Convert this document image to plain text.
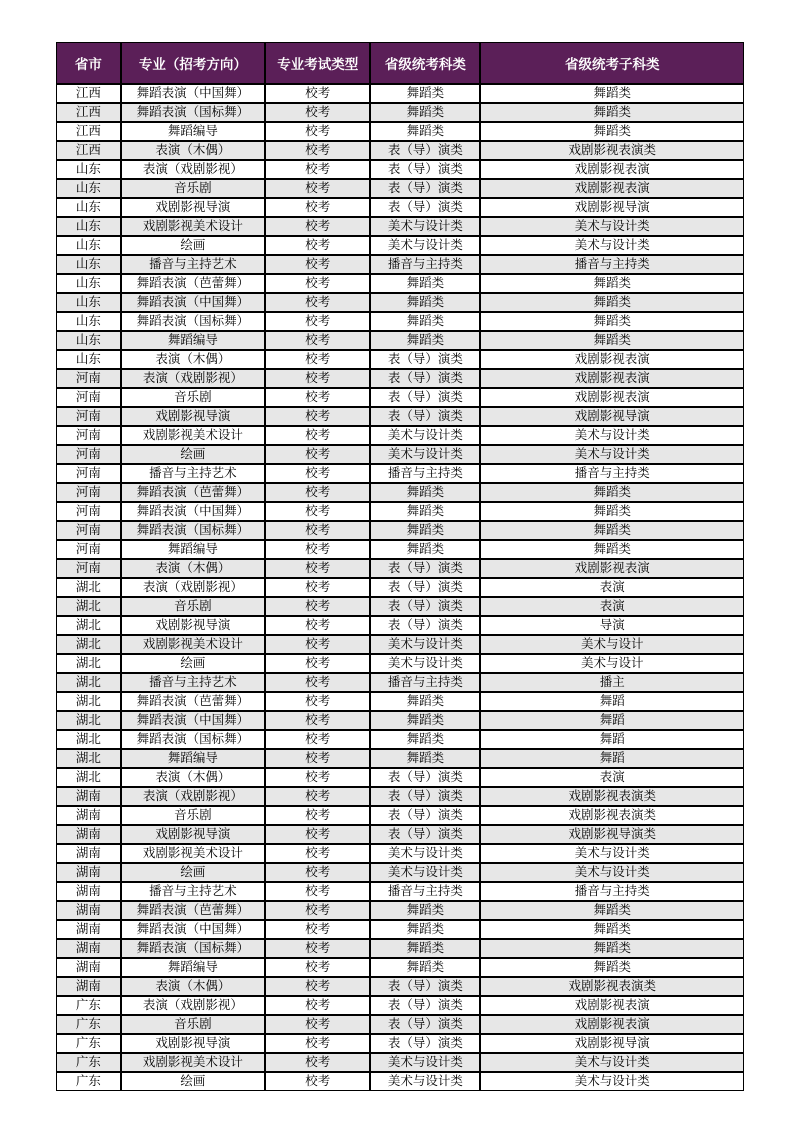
省市	专业（招考方向）	专业考试类型	省级统考科类	省级统考子科类
江西	舞蹈表演（中国舞）	校考	舞蹈类	舞蹈类
江西	舞蹈表演（国标舞）	校考	舞蹈类	舞蹈类
江西	舞蹈编导	校考	舞蹈类	舞蹈类
江西	表演（木偶）	校考	表（导）演类	戏剧影视表演类
山东	表演（戏剧影视）	校考	表（导）演类	戏剧影视表演
山东	音乐剧	校考	表（导）演类	戏剧影视表演
山东	戏剧影视导演	校考	表（导）演类	戏剧影视导演
山东	戏剧影视美术设计	校考	美术与设计类	美术与设计类
山东	绘画	校考	美术与设计类	美术与设计类
山东	播音与主持艺术	校考	播音与主持类	播音与主持类
山东	舞蹈表演（芭蕾舞）	校考	舞蹈类	舞蹈类
山东	舞蹈表演（中国舞）	校考	舞蹈类	舞蹈类
山东	舞蹈表演（国标舞）	校考	舞蹈类	舞蹈类
山东	舞蹈编导	校考	舞蹈类	舞蹈类
山东	表演（木偶）	校考	表（导）演类	戏剧影视表演
河南	表演（戏剧影视）	校考	表（导）演类	戏剧影视表演
河南	音乐剧	校考	表（导）演类	戏剧影视表演
河南	戏剧影视导演	校考	表（导）演类	戏剧影视导演
河南	戏剧影视美术设计	校考	美术与设计类	美术与设计类
河南	绘画	校考	美术与设计类	美术与设计类
河南	播音与主持艺术	校考	播音与主持类	播音与主持类
河南	舞蹈表演（芭蕾舞）	校考	舞蹈类	舞蹈类
河南	舞蹈表演（中国舞）	校考	舞蹈类	舞蹈类
河南	舞蹈表演（国标舞）	校考	舞蹈类	舞蹈类
河南	舞蹈编导	校考	舞蹈类	舞蹈类
河南	表演（木偶）	校考	表（导）演类	戏剧影视表演
湖北	表演（戏剧影视）	校考	表（导）演类	表演
湖北	音乐剧	校考	表（导）演类	表演
湖北	戏剧影视导演	校考	表（导）演类	导演
湖北	戏剧影视美术设计	校考	美术与设计类	美术与设计
湖北	绘画	校考	美术与设计类	美术与设计
湖北	播音与主持艺术	校考	播音与主持类	播主
湖北	舞蹈表演（芭蕾舞）	校考	舞蹈类	舞蹈
湖北	舞蹈表演（中国舞）	校考	舞蹈类	舞蹈
湖北	舞蹈表演（国标舞）	校考	舞蹈类	舞蹈
湖北	舞蹈编导	校考	舞蹈类	舞蹈
湖北	表演（木偶）	校考	表（导）演类	表演
湖南	表演（戏剧影视）	校考	表（导）演类	戏剧影视表演类
湖南	音乐剧	校考	表（导）演类	戏剧影视表演类
湖南	戏剧影视导演	校考	表（导）演类	戏剧影视导演类
湖南	戏剧影视美术设计	校考	美术与设计类	美术与设计类
湖南	绘画	校考	美术与设计类	美术与设计类
湖南	播音与主持艺术	校考	播音与主持类	播音与主持类
湖南	舞蹈表演（芭蕾舞）	校考	舞蹈类	舞蹈类
湖南	舞蹈表演（中国舞）	校考	舞蹈类	舞蹈类
湖南	舞蹈表演（国标舞）	校考	舞蹈类	舞蹈类
湖南	舞蹈编导	校考	舞蹈类	舞蹈类
湖南	表演（木偶）	校考	表（导）演类	戏剧影视表演类
广东	表演（戏剧影视）	校考	表（导）演类	戏剧影视表演
广东	音乐剧	校考	表（导）演类	戏剧影视表演
广东	戏剧影视导演	校考	表（导）演类	戏剧影视导演
广东	戏剧影视美术设计	校考	美术与设计类	美术与设计类
广东	绘画	校考	美术与设计类	美术与设计类
